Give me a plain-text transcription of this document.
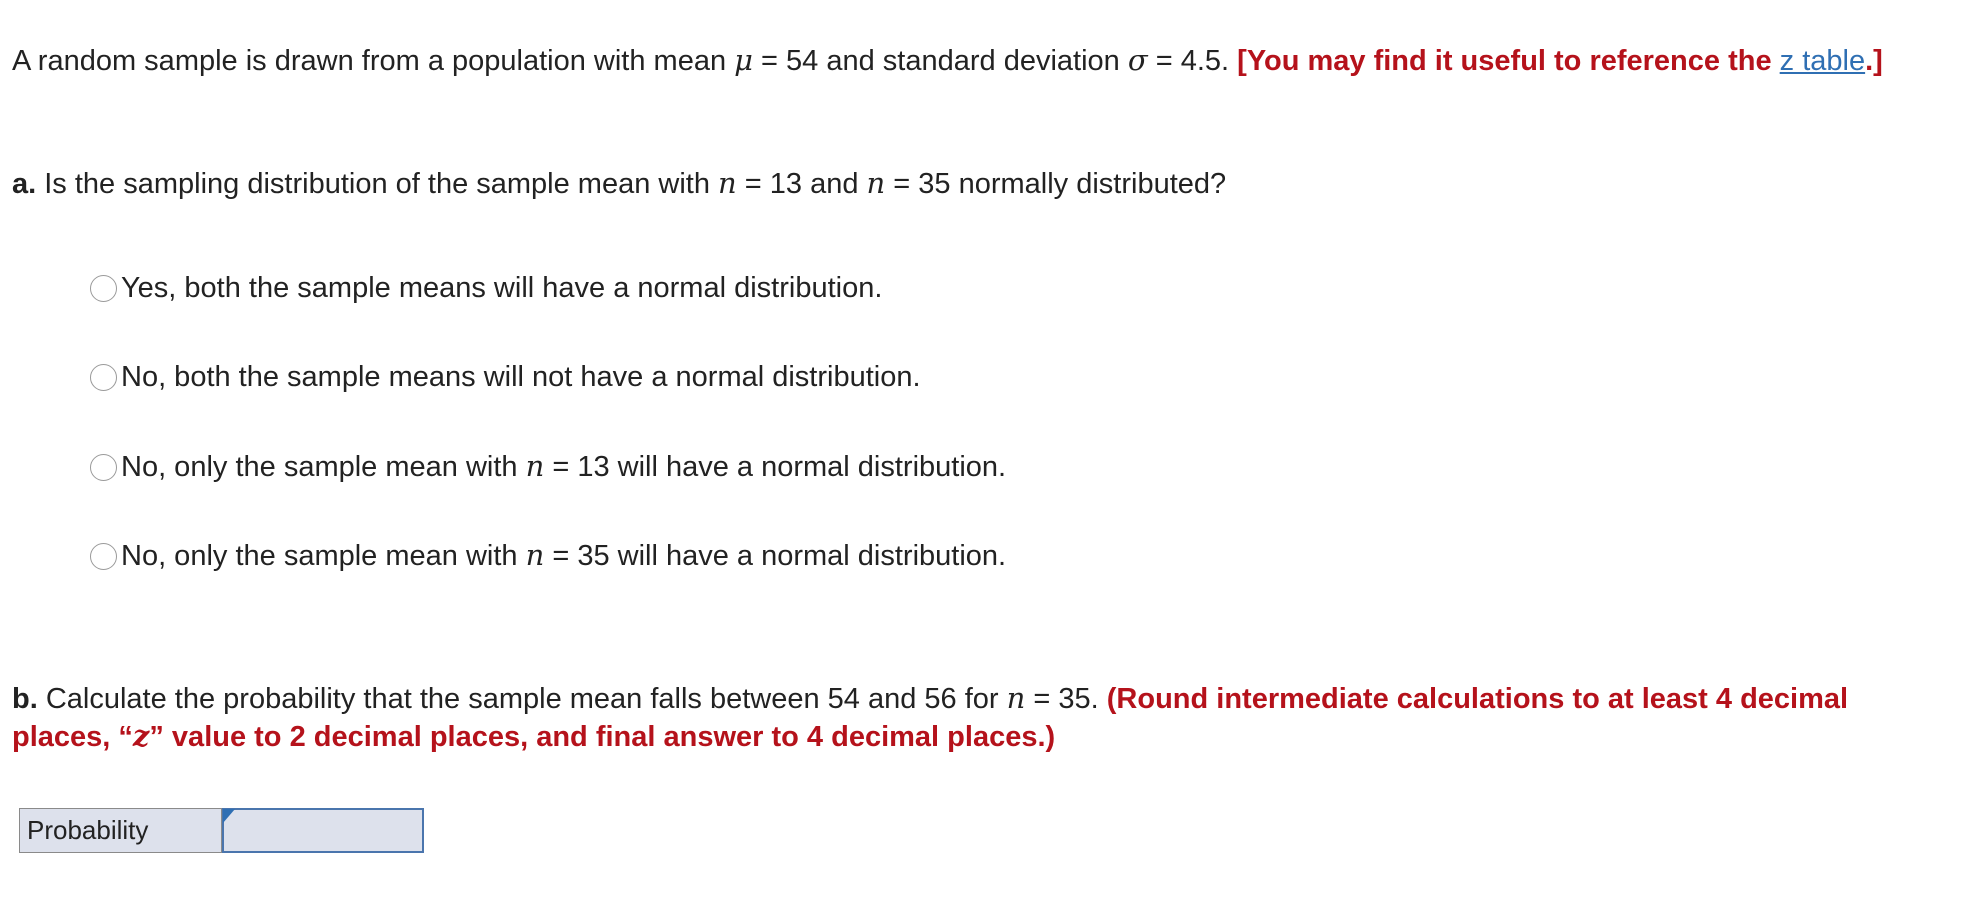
A random sample is drawn from a population with mean μ = 54 and standard deviation σ = 4.5. [You may find it useful to reference the z table.]

a. Is the sampling distribution of the sample mean with n = 13 and n = 35 normally distributed?

Yes, both the sample means will have a normal distribution.
No, both the sample means will not have a normal distribution.
No, only the sample mean with n = 13 will have a normal distribution.
No, only the sample mean with n = 35 will have a normal distribution.

b. Calculate the probability that the sample mean falls between 54 and 56 for n = 35. (Round intermediate calculations to at least 4 decimal places, “z” value to 2 decimal places, and final answer to 4 decimal places.)

Probability
